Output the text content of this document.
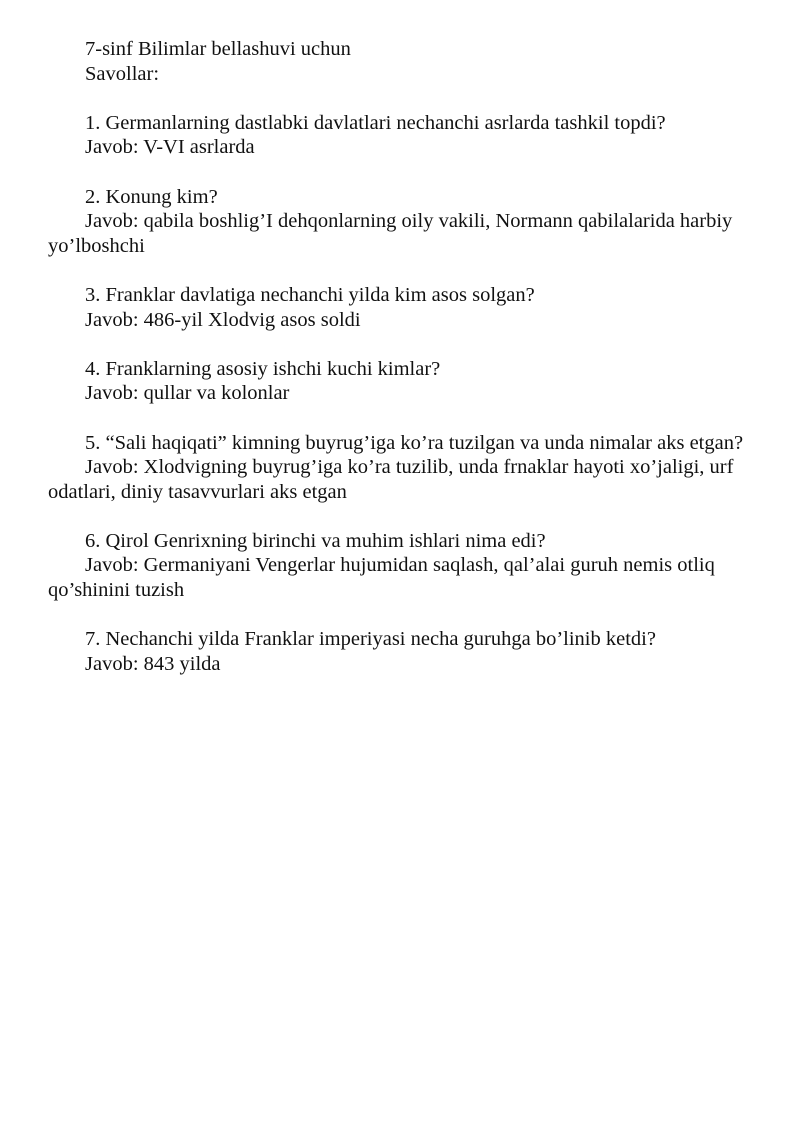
7-sinf Bilimlar bellashuvi uchun

Savollar:

1. Germanlarning dastlabki davlatlari nechanchi asrlarda tashkil topdi?

Javob: V-VI asrlarda

2. Konung kim?

Javob: qabila boshlig’I dehqonlarning oily vakili, Normann qabilalarida harbiy yo’lboshchi

3. Franklar davlatiga nechanchi yilda kim asos solgan?

Javob: 486-yil Xlodvig asos soldi

4. Franklarning asosiy ishchi kuchi kimlar?

Javob: qullar va kolonlar

5. “Sali haqiqati” kimning buyrug’iga ko’ra tuzilgan va unda nimalar aks etgan?

Javob: Xlodvigning buyrug’iga ko’ra tuzilib, unda frnaklar hayoti xo’jaligi, urf odatlari, diniy tasavvurlari aks etgan

6. Qirol Genrixning birinchi va muhim ishlari nima edi?

Javob: Germaniyani Vengerlar hujumidan saqlash, qal’alai guruh nemis otliq qo’shinini tuzish

7. Nechanchi yilda Franklar imperiyasi necha guruhga bo’linib ketdi?

Javob: 843 yilda
